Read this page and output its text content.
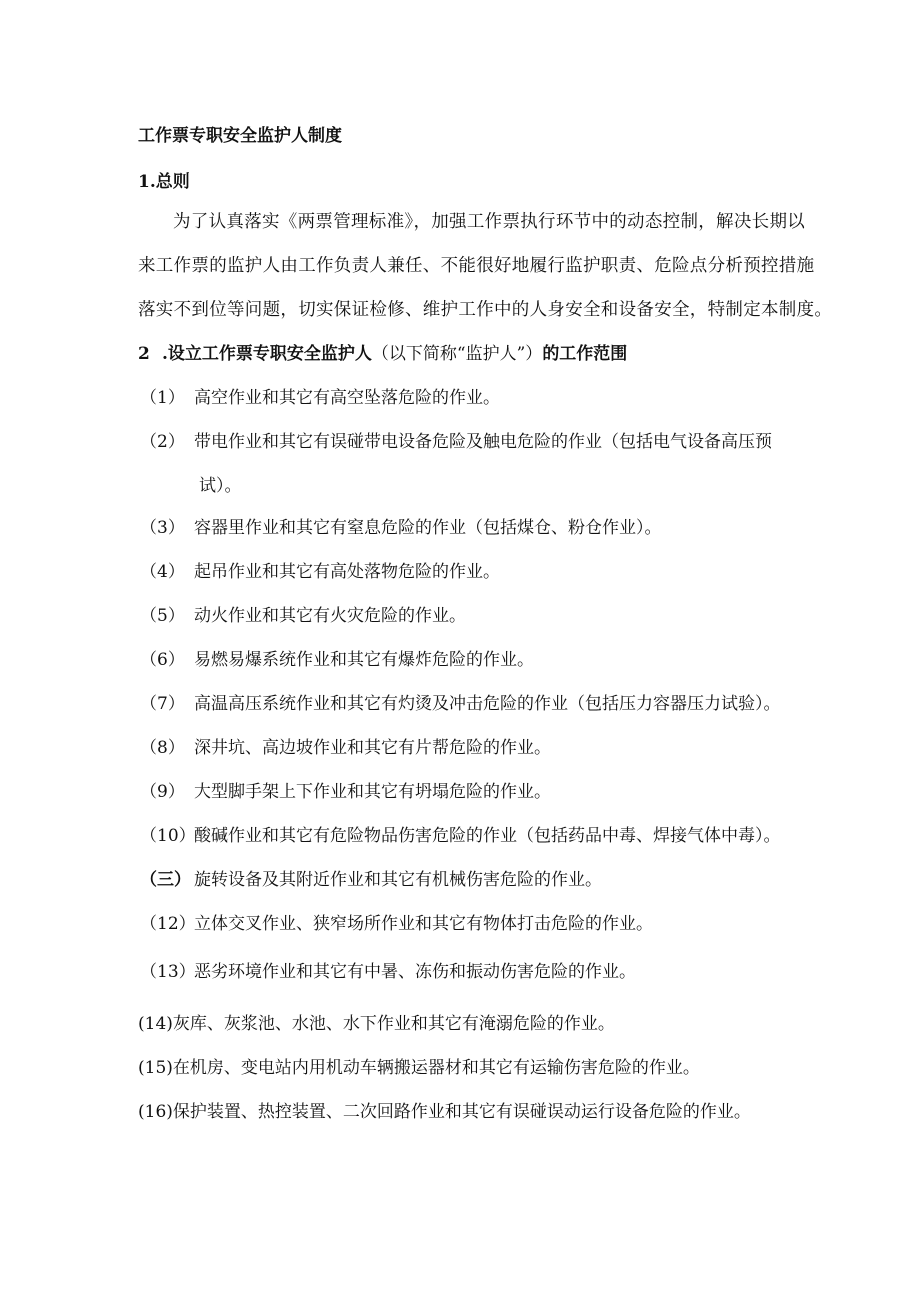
工作票专职安全监护人制度
1.总则
为了认真落实《两票管理标准》，加强工作票执行环节中的动态控制，解决长期以
来工作票的监护人由工作负责人兼任、不能很好地履行监护职责、危险点分析预控措施
落实不到位等问题，切实保证检修、维护工作中的人身安全和设备安全，特制定本制度。
2 .设立工作票专职安全监护人（以下简称“监护人”）的工作范围
（1） 高空作业和其它有高空坠落危险的作业。
（2） 带电作业和其它有误碰带电设备危险及触电危险的作业（包括电气设备高压预
试）。
（3） 容器里作业和其它有窒息危险的作业（包括煤仓、粉仓作业）。
（4） 起吊作业和其它有高处落物危险的作业。
（5） 动火作业和其它有火灾危险的作业。
（6） 易燃易爆系统作业和其它有爆炸危险的作业。
（7） 高温高压系统作业和其它有灼烫及冲击危险的作业（包括压力容器压力试验）。
（8） 深井坑、高边坡作业和其它有片帮危险的作业。
（9） 大型脚手架上下作业和其它有坍塌危险的作业。
（10）酸碱作业和其它有危险物品伤害危险的作业（包括药品中毒、焊接气体中毒）。
（三） 旋转设备及其附近作业和其它有机械伤害危险的作业。
（12）立体交叉作业、狭窄场所作业和其它有物体打击危险的作业。
（13）恶劣环境作业和其它有中暑、冻伤和振动伤害危险的作业。
(14)灰库、灰浆池、水池、水下作业和其它有淹溺危险的作业。
(15)在机房、变电站内用机动车辆搬运器材和其它有运输伤害危险的作业。
(16)保护装置、热控装置、二次回路作业和其它有误碰误动运行设备危险的作业。
